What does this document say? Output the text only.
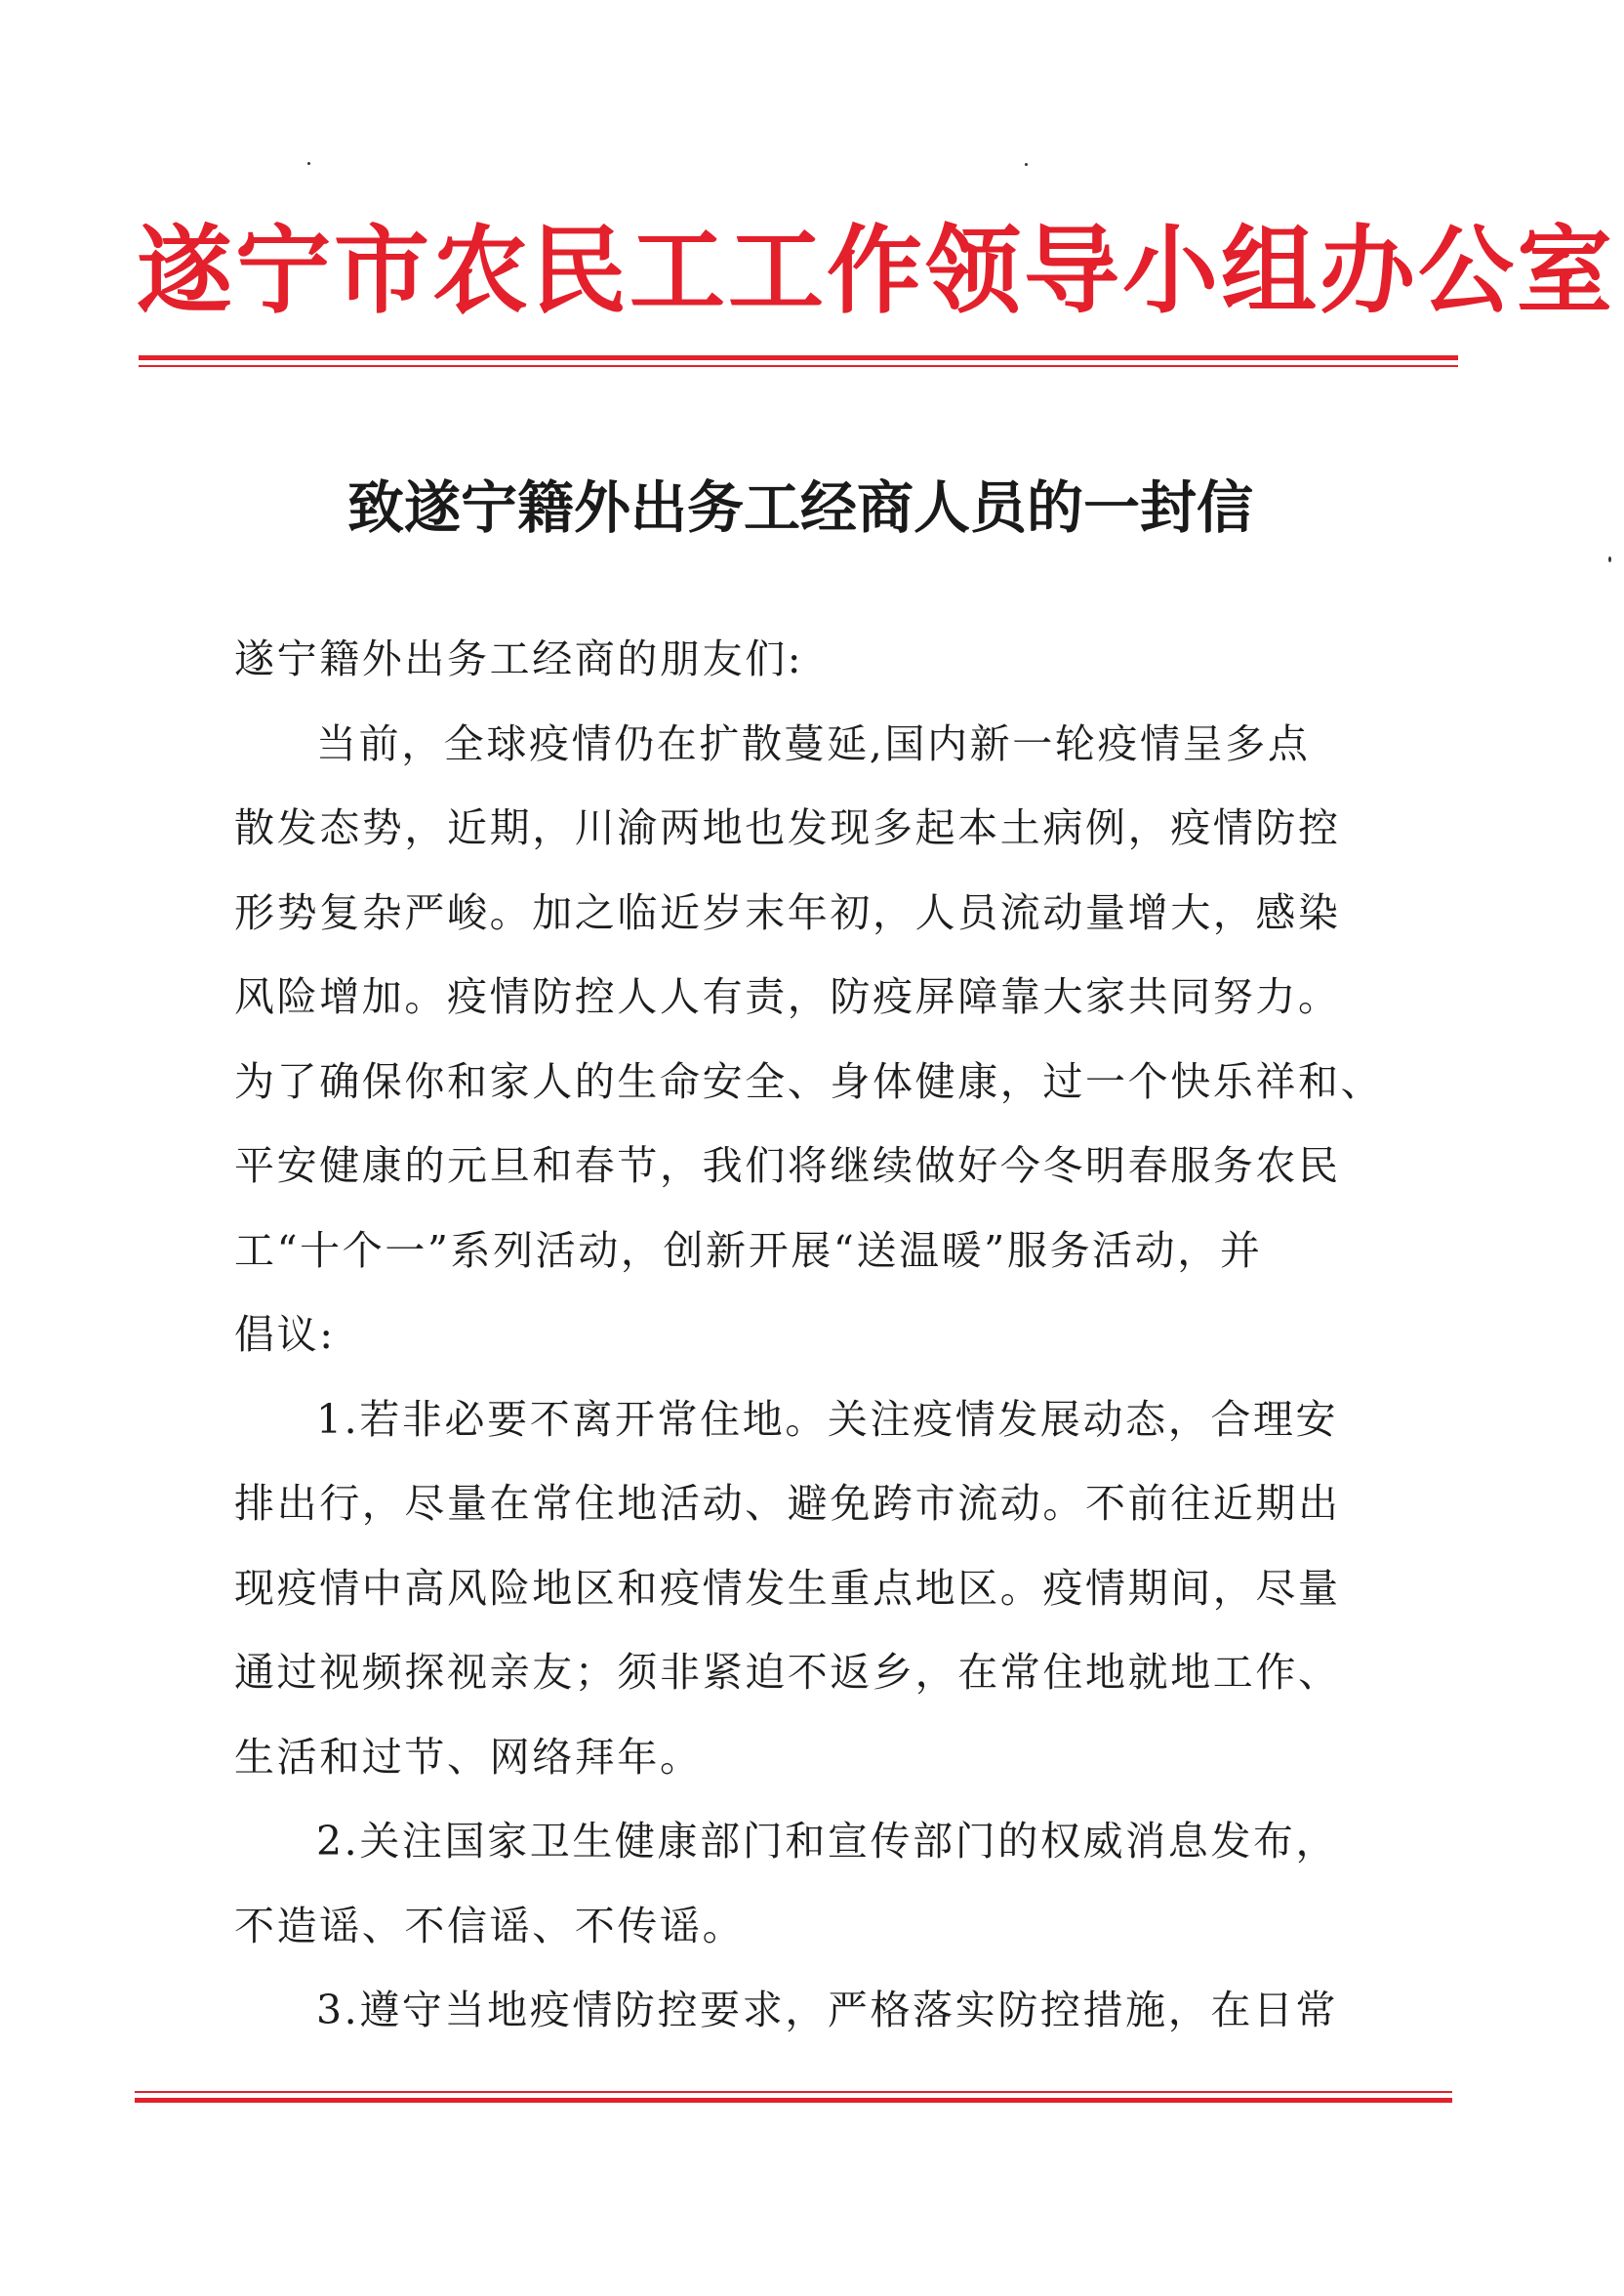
遂宁市农民工工作领导小组办公室
致遂宁籍外出务工经商人员的一封信

遂宁籍外出务工经商的朋友们:

当前，全球疫情仍在扩散蔓延,国内新一轮疫情呈多点

散发态势，近期，川渝两地也发现多起本土病例，疫情防控

形势复杂严峻。加之临近岁末年初，人员流动量增大，感染

风险增加。疫情防控人人有责，防疫屏障靠大家共同努力。

为了确保你和家人的生命安全、身体健康，过一个快乐祥和、

平安健康的元旦和春节，我们将继续做好今冬明春服务农民

工“十个一”系列活动，创新开展“送温暖”服务活动，并

倡议:

1.若非必要不离开常住地。关注疫情发展动态，合理安

排出行，尽量在常住地活动、避免跨市流动。不前往近期出

现疫情中高风险地区和疫情发生重点地区。疫情期间，尽量

通过视频探视亲友；须非紧迫不返乡，在常住地就地工作、

生活和过节、网络拜年。

2.关注国家卫生健康部门和宣传部门的权威消息发布，

不造谣、不信谣、不传谣。

3.遵守当地疫情防控要求，严格落实防控措施，在日常
